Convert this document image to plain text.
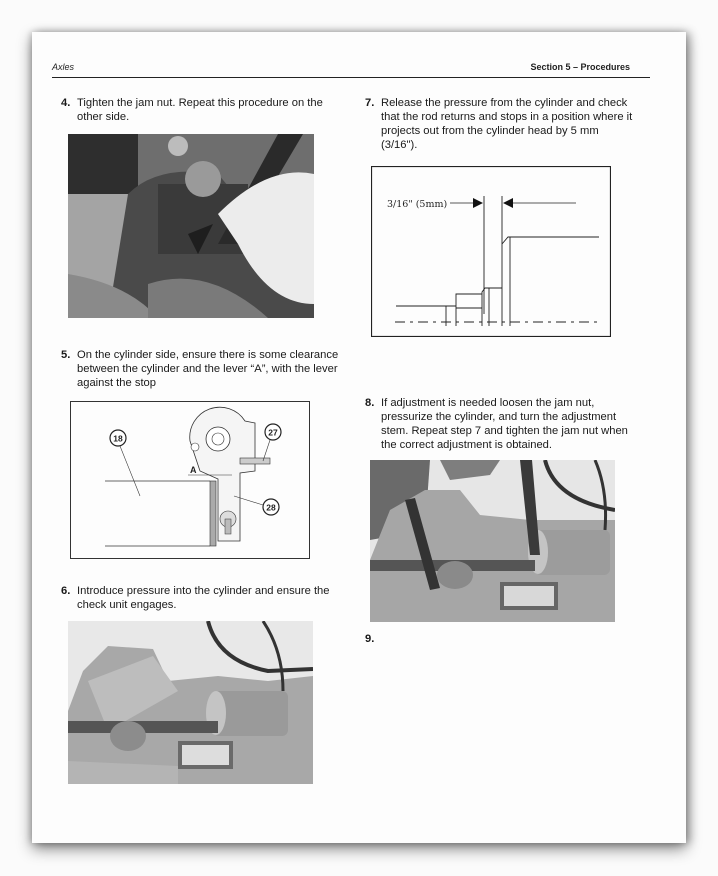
Axles	Section 5 – Procedures
4. Tighten the jam nut. Repeat this procedure on the other side.
5. On the cylinder side, ensure there is some clearance between the cylinder and the lever “A”, with the lever against the stop
A
18
27
28
6. Introduce pressure into the cylinder and ensure the check unit engages.
7. Release the pressure from the cylinder and check that the rod returns and stops in a position where it projects out from the cylinder head by 5 mm (3/16").
3/16" (5mm)
8. If adjustment is needed loosen the jam nut, pressurize the cylinder, and turn the adjustment stem. Repeat step 7 and tighten the jam nut when the correct adjustment is obtained.
9.
